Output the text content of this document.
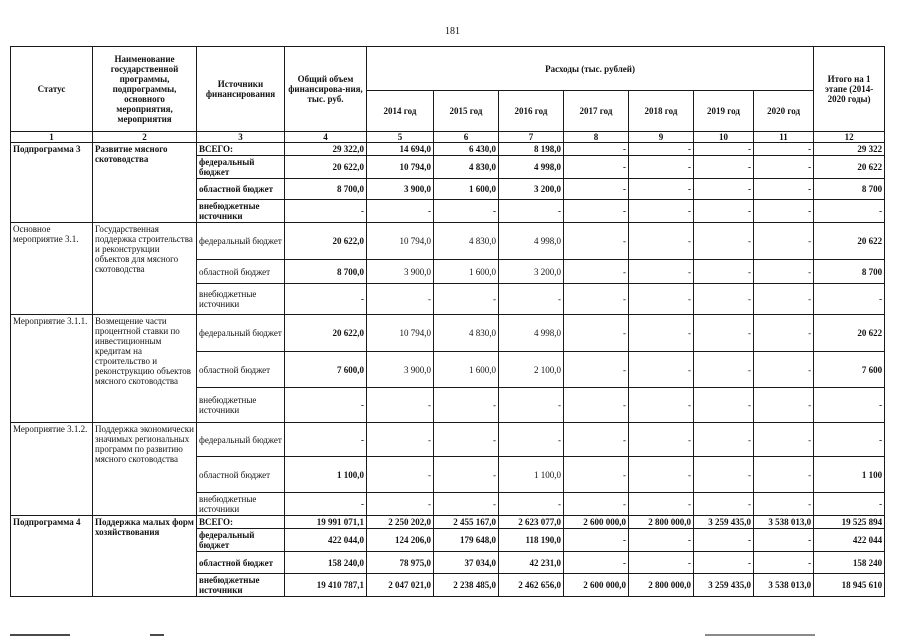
181
Статус	Наименование государственной программы, подпрограммы, основного мероприятия, мероприятия	Источники финансирования	Общий объем финансирова-ния, тыс. руб.	Расходы (тыс. рублей)							Итого на 1 этапе (2014-2020 годы)
				2014 год	2015 год	2016 год	2017 год	2018 год	2019 год	2020 год	
1	2	3	4	5	6	7	8	9	10	11	12
Подпрограмма 3	Развитие мясного скотоводства	ВСЕГО:	29 322,0	14 694,0	6 430,0	8 198,0	-	-	-	-	29 322
		федеральный бюджет	20 622,0	10 794,0	4 830,0	4 998,0	-	-	-	-	20 622
		областной бюджет	8 700,0	3 900,0	1 600,0	3 200,0	-	-	-	-	8 700
		внебюджетные источники	-	-	-	-	-	-	-	-	-
Основное мероприятие 3.1.	Государственная поддержка строительства и реконструкции объектов для мясного скотоводства	федеральный бюджет	20 622,0	10 794,0	4 830,0	4 998,0	-	-	-	-	20 622
		областной бюджет	8 700,0	3 900,0	1 600,0	3 200,0	-	-	-	-	8 700
		внебюджетные источники	-	-	-	-	-	-	-	-	-
Мероприятие 3.1.1.	Возмещение части процентной ставки по инвестиционным кредитам на строительство и реконструкцию объектов мясного скотоводства	федеральный бюджет	20 622,0	10 794,0	4 830,0	4 998,0	-	-	-	-	20 622
		областной бюджет	7 600,0	3 900,0	1 600,0	2 100,0	-	-	-	-	7 600
		внебюджетные источники	-	-	-	-	-	-	-	-	-
Мероприятие 3.1.2.	Поддержка экономически значимых региональных программ по развитию мясного скотоводства	федеральный бюджет	-	-	-	-	-	-	-	-	-
		областной бюджет	1 100,0	-	-	1 100,0	-	-	-	-	1 100
		внебюджетные источники	-	-	-	-	-	-	-	-	-
Подпрограмма 4	Поддержка малых форм хозяйствования	ВСЕГО:	19 991 071,1	2 250 202,0	2 455 167,0	2 623 077,0	2 600 000,0	2 800 000,0	3 259 435,0	3 538 013,0	19 525 894
		федеральный бюджет	422 044,0	124 206,0	179 648,0	118 190,0	-	-	-	-	422 044
		областной бюджет	158 240,0	78 975,0	37 034,0	42 231,0	-	-	-	-	158 240
		внебюджетные источники	19 410 787,1	2 047 021,0	2 238 485,0	2 462 656,0	2 600 000,0	2 800 000,0	3 259 435,0	3 538 013,0	18 945 610
